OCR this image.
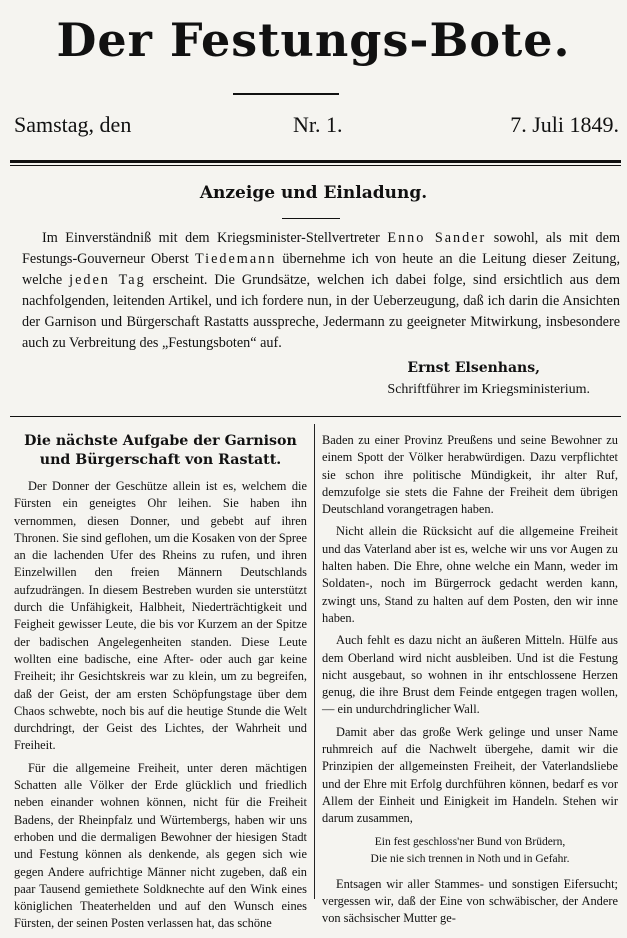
Der Festungs-Bote.
Samstag, den	Nr. 1.	7. Juli 1849.
Anzeige und Einladung.
Im Einverständniß mit dem Kriegsminister-Stellvertreter Enno Sander sowohl, als mit dem Festungs-Gouverneur Oberst Tiedemann übernehme ich von heute an die Leitung dieser Zeitung, welche jeden Tag erscheint. Die Grundsätze, welchen ich dabei folge, sind ersichtlich aus dem nachfolgenden, leitenden Artikel, und ich fordere nun, in der Ueberzeugung, daß ich darin die Ansichten der Garnison und Bürgerschaft Rastatts ausspreche, Jedermann zu geeigneter Mitwirkung, insbesondere auch zu Verbreitung des „Festungsboten“ auf.
Ernst Elsenhans,
Schriftführer im Kriegsministerium.
Die nächste Aufgabe der Garnison und Bürgerschaft von Rastatt.

Der Donner der Geschütze allein ist es, welchem die Fürsten ein geneigtes Ohr leihen. Sie haben ihn vernommen, diesen Donner, und gebebt auf ihren Thronen. Sie sind geflohen, um die Kosaken von der Spree an die lachenden Ufer des Rheins zu rufen, und ihren Einzelwillen den freien Männern Deutschlands aufzudrängen. In diesem Bestreben wurden sie unterstützt durch die Unfähigkeit, Halbheit, Niederträchtigkeit und Feigheit gewisser Leute, die bis vor Kurzem an der Spitze der badischen Angelegenheiten standen. Diese Leute wollten eine badische, eine After- oder auch gar keine Freiheit; ihr Gesichtskreis war zu klein, um zu begreifen, daß der Geist, der am ersten Schöpfungstage über dem Chaos schwebte, noch bis auf die heutige Stunde die Welt durchdringt, der Geist des Lichtes, der Wahrheit und Freiheit.

Für die allgemeine Freiheit, unter deren mächtigen Schatten alle Völker der Erde glücklich und friedlich neben einander wohnen können, nicht für die Freiheit Badens, der Rheinpfalz und Würtembergs, haben wir uns erhoben und die dermaligen Bewohner der hiesigen Stadt und Festung können als denkende, als gegen sich wie gegen Andere aufrichtige Männer nicht zugeben, daß ein paar Tausend gemiethete Soldknechte auf den Wink eines königlichen Theaterhelden und auf den Wunsch eines Fürsten, der seinen Posten verlassen hat, das schöne

Baden zu einer Provinz Preußens und seine Bewohner zu einem Spott der Völker herabwürdigen. Dazu verpflichtet sie schon ihre politische Mündigkeit, ihr alter Ruf, demzufolge sie stets die Fahne der Freiheit dem übrigen Deutschland vorangetragen haben.

Nicht allein die Rücksicht auf die allgemeine Freiheit und das Vaterland aber ist es, welche wir uns vor Augen zu halten haben. Die Ehre, ohne welche ein Mann, weder im Soldaten-, noch im Bürgerrock gedacht werden kann, zwingt uns, Stand zu halten auf dem Posten, den wir inne haben.

Auch fehlt es dazu nicht an äußeren Mitteln. Hülfe aus dem Oberland wird nicht ausbleiben. Und ist die Festung nicht ausgebaut, so wohnen in ihr entschlossene Herzen genug, die ihre Brust dem Feinde entgegen tragen wollen, — ein undurchdringlicher Wall.

Damit aber das große Werk gelinge und unser Name ruhmreich auf die Nachwelt übergehe, damit wir die Prinzipien der allgemeinsten Freiheit, der Vaterlandsliebe und der Ehre mit Erfolg durchführen können, bedarf es vor Allem der Einheit und Einigkeit im Handeln. Stehen wir darum zusammen,

Ein fest geschloss'ner Bund von Brüdern,
Die nie sich trennen in Noth und in Gefahr.

Entsagen wir aller Stammes- und sonstigen Eifersucht; vergessen wir, daß der Eine von schwäbischer, der Andere von sächsischer Mutter ge-
